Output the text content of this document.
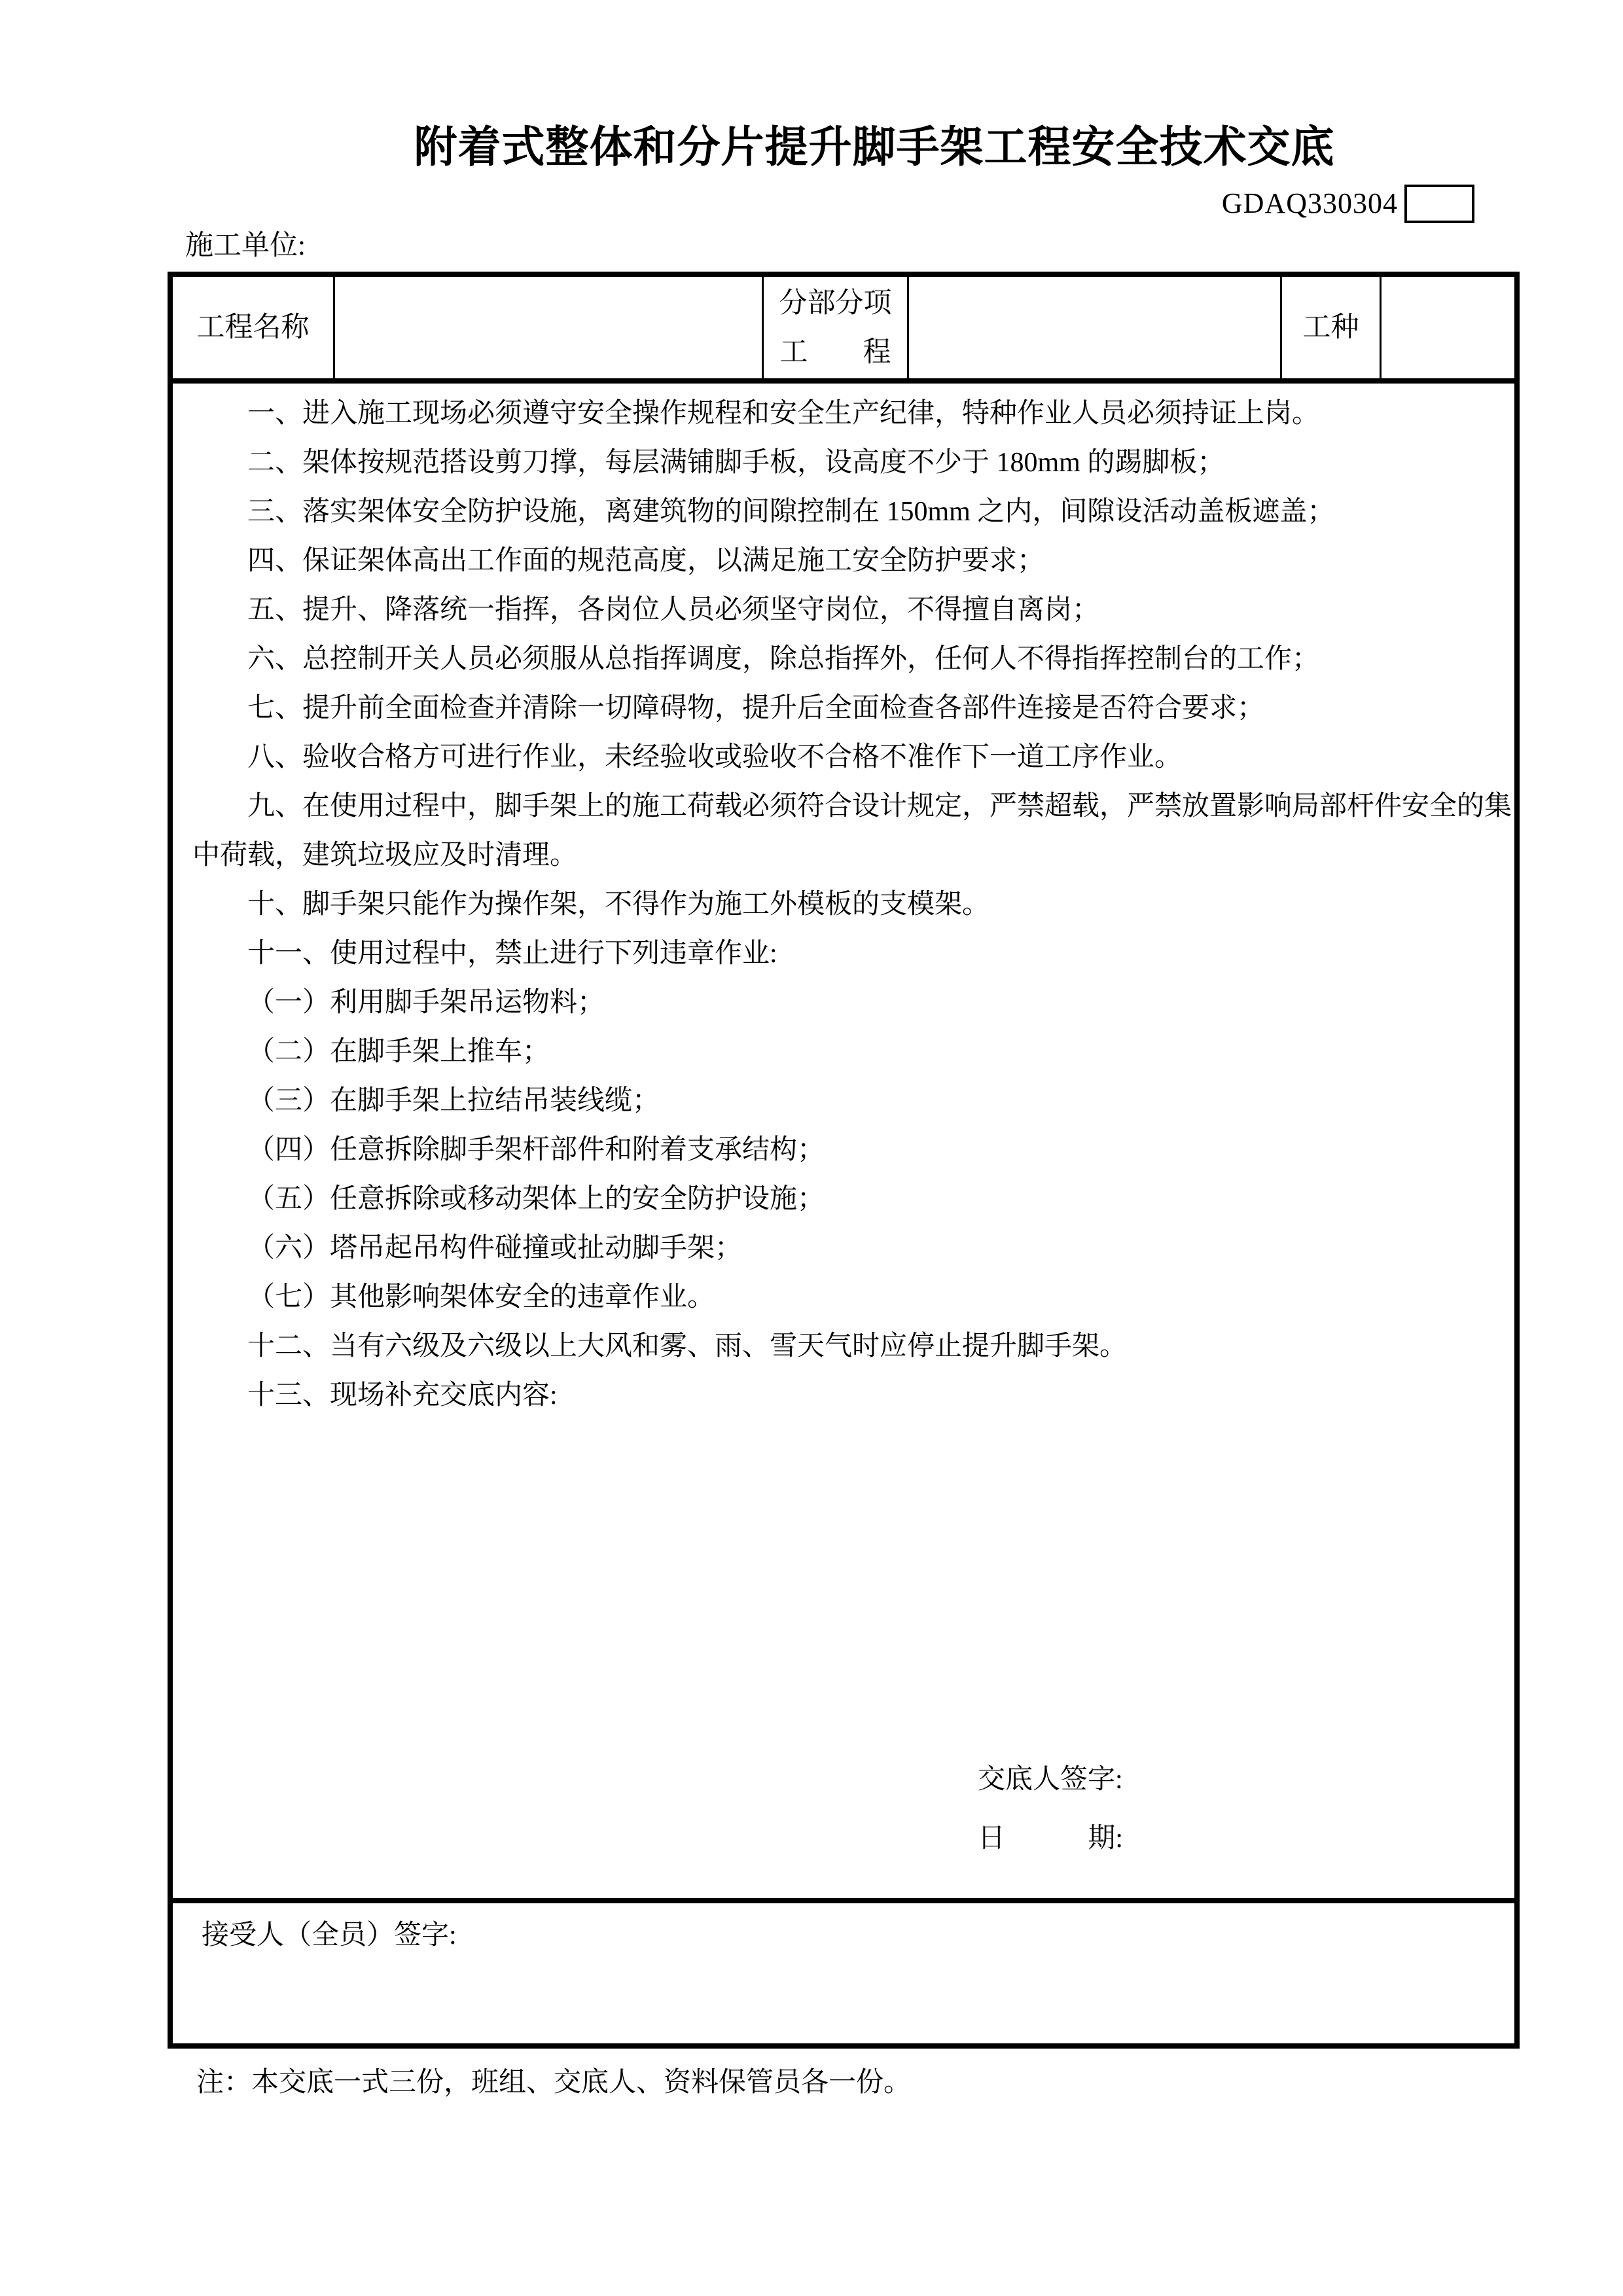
附着式整体和分片提升脚手架工程安全技术交底
GDAQ330304
施工单位:
工程名称
分部分项
工 程
工种

一、进入施工现场必须遵守安全操作规程和安全生产纪律，特种作业人员必须持证上岗。

二、架体按规范搭设剪刀撑，每层满铺脚手板，设高度不少于 180mm 的踢脚板；

三、落实架体安全防护设施，离建筑物的间隙控制在 150mm 之内，间隙设活动盖板遮盖；

四、保证架体高出工作面的规范高度，以满足施工安全防护要求；

五、提升、降落统一指挥，各岗位人员必须坚守岗位，不得擅自离岗；

六、总控制开关人员必须服从总指挥调度，除总指挥外，任何人不得指挥控制台的工作；

七、提升前全面检查并清除一切障碍物，提升后全面检查各部件连接是否符合要求；

八、验收合格方可进行作业，未经验收或验收不合格不准作下一道工序作业。

九、在使用过程中，脚手架上的施工荷载必须符合设计规定，严禁超载，严禁放置影响局部杆件安全的集中荷载，建筑垃圾应及时清理。

十、脚手架只能作为操作架，不得作为施工外模板的支模架。

十一、使用过程中，禁止进行下列违章作业:

（一）利用脚手架吊运物料；

（二）在脚手架上推车；

（三）在脚手架上拉结吊装线缆；

（四）任意拆除脚手架杆部件和附着支承结构；

（五）任意拆除或移动架体上的安全防护设施；

（六）塔吊起吊构件碰撞或扯动脚手架；

（七）其他影响架体安全的违章作业。

十二、当有六级及六级以上大风和雾、雨、雪天气时应停止提升脚手架。

十三、现场补充交底内容:

接受人（全员）签字:
交底人签字:
日	期:
注：本交底一式三份，班组、交底人、资料保管员各一份。
